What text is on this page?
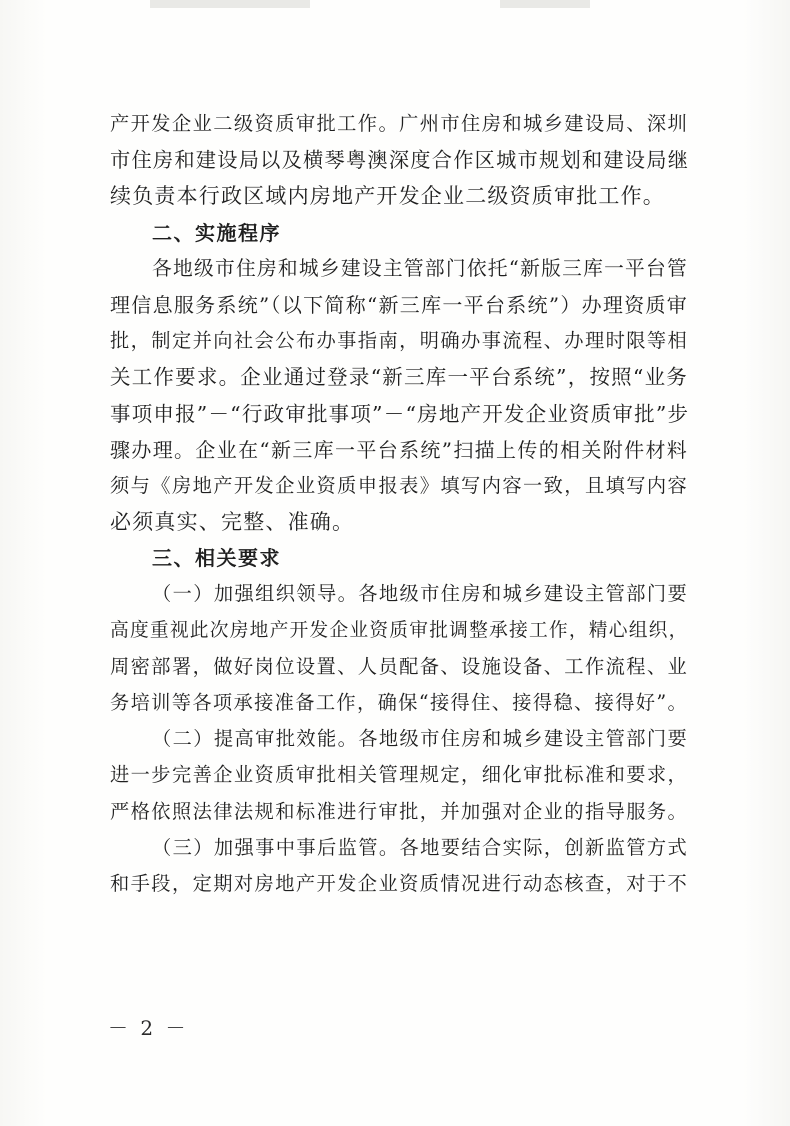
产开发企业二级资质审批工作。广州市住房和城乡建设局、深圳
市住房和建设局以及横琴粤澳深度合作区城市规划和建设局继
续负责本行政区域内房地产开发企业二级资质审批工作。
二、实施程序
各地级市住房和城乡建设主管部门依托“新版三库一平台管
理信息服务系统”（以下简称“新三库一平台系统”）办理资质审
批，制定并向社会公布办事指南，明确办事流程、办理时限等相
关工作要求。企业通过登录“新三库一平台系统”，按照“业务
事项申报”－“行政审批事项”－“房地产开发企业资质审批”步
骤办理。企业在“新三库一平台系统”扫描上传的相关附件材料
须与《房地产开发企业资质申报表》填写内容一致，且填写内容
必须真实、完整、准确。
三、相关要求
（一）加强组织领导。各地级市住房和城乡建设主管部门要
高度重视此次房地产开发企业资质审批调整承接工作，精心组织，
周密部署，做好岗位设置、人员配备、设施设备、工作流程、业
务培训等各项承接准备工作，确保“接得住、接得稳、接得好”。
（二）提高审批效能。各地级市住房和城乡建设主管部门要
进一步完善企业资质审批相关管理规定，细化审批标准和要求，
严格依照法律法规和标准进行审批，并加强对企业的指导服务。
（三）加强事中事后监管。各地要结合实际，创新监管方式
和手段，定期对房地产开发企业资质情况进行动态核查，对于不
－ 2 －
